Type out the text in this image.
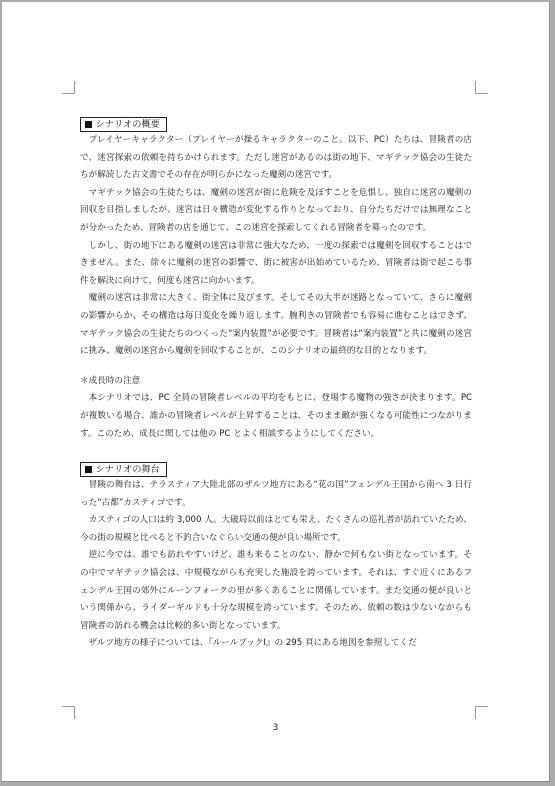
■ シナリオの概要

プレイヤーキャラクター（プレイヤーが操るキャラクターのこと。以下、PC）たちは、冒険者の店で、迷宮探索の依頼を持ちかけられます。ただし迷宮があるのは街の地下、マギテック協会の生徒たちが解読した古文書でその存在が明らかになった魔剣の迷宮です。

マギテック協会の生徒たちは、魔剣の迷宮が街に危険を及ぼすことを危惧し、独自に迷宮の魔剣の回収を目指しましたが、迷宮は日々構造が変化する作りとなっており、自分たちだけでは無理なことが分かったため、冒険者の店を通じて、この迷宮を探索してくれる冒険者を募ったのです。

しかし、街の地下にある魔剣の迷宮は非常に強大なため、一度の探索では魔剣を回収することはできません。また、徐々に魔剣の迷宮の影響で、街に被害が出始めているため、冒険者は街で起こる事件を解決に向けて、何度も迷宮に向かいます。

魔剣の迷宮は非常に大きく、街全体に及びます。そしてその大半が迷路となっていて、さらに魔剣の影響からか、その構造は毎日変化を繰り返します。腕利きの冒険者でも容易に進むことはできず、マギテック協会の生徒たちのつくった“案内装置”が必要です。冒険者は“案内装置”と共に魔剣の迷宮に挑み、魔剣の迷宮から魔剣を回収することが、このシナリオの最終的な目的となります。

＊成長時の注意

本シナリオでは、PC 全員の冒険者レベルの平均をもとに、登場する魔物の強さが決まります。PC が複数いる場合、誰かの冒険者レベルが上昇することは、そのまま敵が強くなる可能性につながります。このため、成長に関しては他の PC とよく相談するようにしてください。

■ シナリオの舞台

冒険の舞台は、テラスティア大陸北部のザルツ地方にある“花の国”フェンデル王国から南へ 3 日行った“古都”カスティゴです。

カスティゴの人口は約 3,000 人。大破局以前はとても栄え、たくさんの巡礼者が訪れていたため、今の街の規模と比べると不釣合いなぐらい交通の便が良い場所です。

逆に今では、誰でも訪れやすいけど、誰も来ることのない、静かで何もない街となっています。その中でマギテック協会は、中規模ながらも充実した施設を誇っています。それは、すぐ近くにあるフェンデル王国の郊外にルーンフォークの里が多くあることに関係しています。また交通の便が良いという関係から、ライダーギルドも十分な規模を誇っています。そのため、依頼の数は少ないながらも冒険者の訪れる機会は比較的多い街となっています。

ザルツ地方の様子については、『ルールブックⅠ』の 295 頁にある地図を参照してくだ

3
